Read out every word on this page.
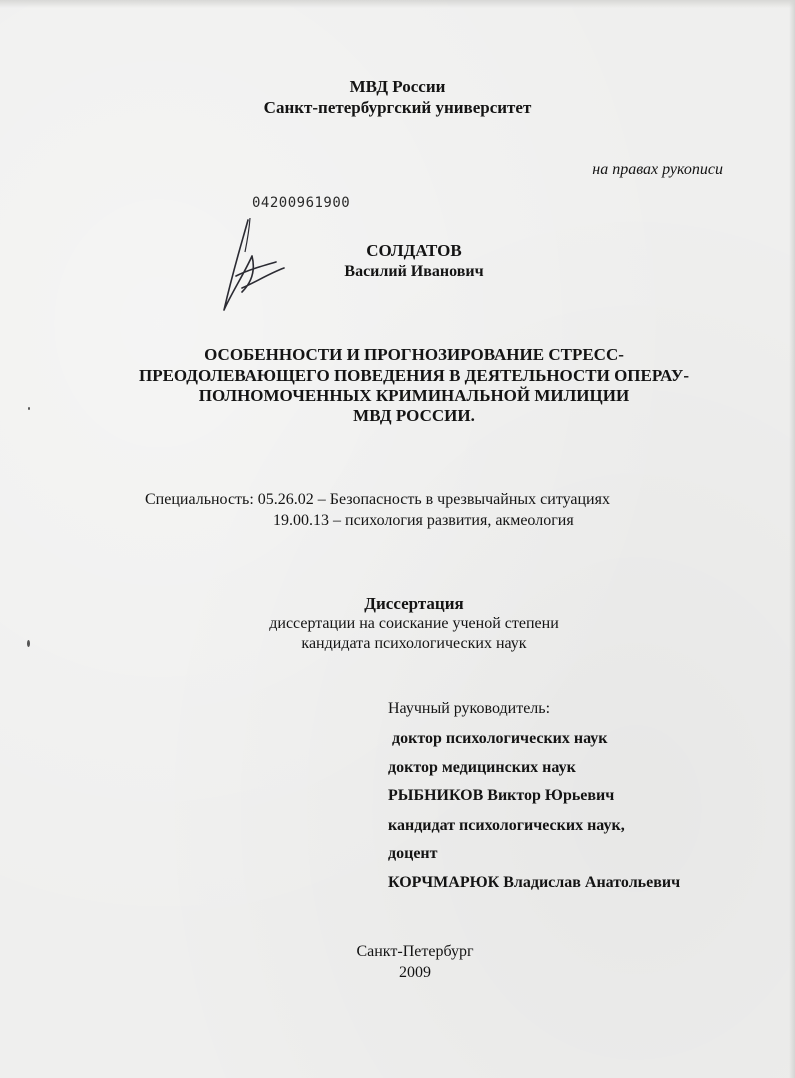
МВД России
Санкт-петербургский университет
на правах рукописи
04200961900
СОЛДАТОВ
Василий Иванович
ОСОБЕННОСТИ И ПРОГНОЗИРОВАНИЕ СТРЕСС-
ПРЕОДОЛЕВАЮЩЕГО ПОВЕДЕНИЯ В ДЕЯТЕЛЬНОСТИ ОПЕРАУ-
ПОЛНОМОЧЕННЫХ КРИМИНАЛЬНОЙ МИЛИЦИИ
МВД РОССИИ.
Специальность: 05.26.02 – Безопасность в чрезвычайных ситуациях
19.00.13 – психология развития, акмеология
Диссертация
диссертации на соискание ученой степени
кандидата психологических наук
Научный руководитель:
доктор психологических наук
доктор медицинских наук
РЫБНИКОВ Виктор Юрьевич
кандидат психологических наук,
доцент
КОРЧМАРЮК Владислав Анатольевич
Санкт-Петербург
2009
